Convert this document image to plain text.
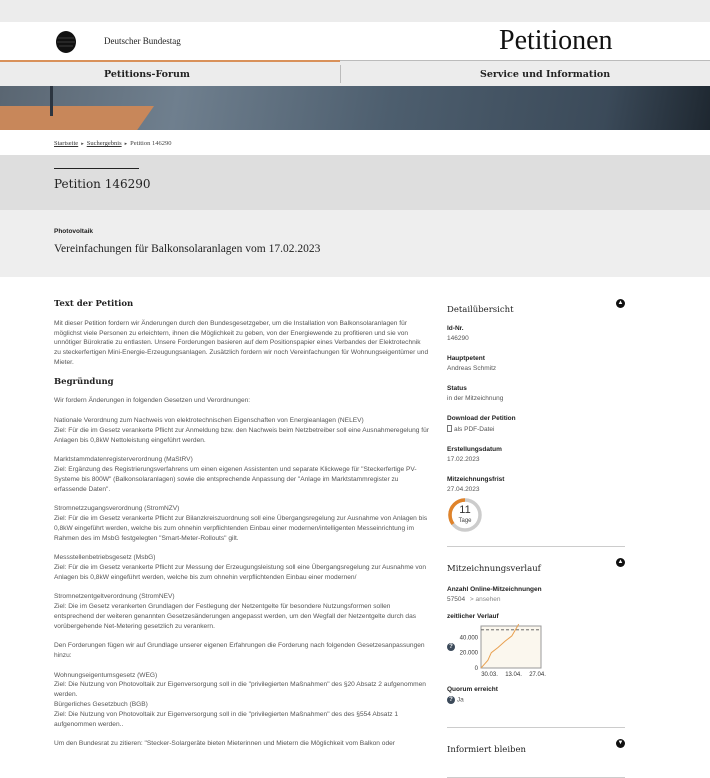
Deutscher Bundestag	Petitionen
Petitions-Forum	Service und Information
Startseite ▸ Suchergebnis ▸ Petition 146290
Petition 146290
Photovoltaik
Vereinfachungen für Balkonsolaranlagen vom 17.02.2023
Text der Petition

Mit dieser Petition fordern wir Änderungen durch den Bundesgesetzgeber, um die Installation von Balkonsolaranlagen für möglichst viele Personen zu erleichtern, ihnen die Möglichkeit zu geben, von der Energiewende zu profitieren und sie von unnötiger Bürokratie zu entlasten. Unsere Forderungen basieren auf dem Positionspapier eines Verbandes der Elektrotechnik zu steckerfertigen Mini-Energie-Erzeugungsanlagen. Zusätzlich fordern wir noch Vereinfachungen für Wohnungseigentümer und Mieter.

Begründung

Wir fordern Änderungen in folgenden Gesetzen und Verordnungen:

Nationale Verordnung zum Nachweis von elektrotechnischen Eigenschaften von Energieanlagen (NELEV)
Ziel: Für die im Gesetz verankerte Pflicht zur Anmeldung bzw. den Nachweis beim Netzbetreiber soll eine Ausnahmeregelung für Anlagen bis 0,8kW Nettoleistung eingeführt werden.

Marktstammdatenregisterverordnung (MaStRV)
Ziel: Ergänzung des Registrierungsverfahrens um einen eigenen Assistenten und separate Klickwege für "Steckerfertige PV-Systeme bis 800W" (Balkonsolaranlagen) sowie die entsprechende Anpassung der "Anlage im Marktstammregister zu erfassende Daten".

Stromnetzzugangsverordnung (StromNZV)
Ziel: Für die im Gesetz verankerte Pflicht zur Bilanzkreiszuordnung soll eine Übergangsregelung zur Ausnahme von Anlagen bis 0,8kW eingeführt werden, welche bis zum ohnehin verpflichtenden Einbau einer modernen/intelligenten Messeinrichtung im Rahmen des im MsbG festgelegten "Smart-Meter-Rollouts" gilt.

Messstellenbetriebsgesetz (MsbG)
Ziel: Für die im Gesetz verankerte Pflicht zur Messung der Erzeugungsleistung soll eine Übergangsregelung zur Ausnahme von Anlagen bis 0,8kW eingeführt werden, welche bis zum ohnehin verpflichtenden Einbau einer modernen/

Stromnetzentgeltverordnung (StromNEV)
Ziel: Die im Gesetz verankerten Grundlagen der Festlegung der Netzentgelte für besondere Nutzungsformen sollen entsprechend der weiteren genannten Gesetzesänderungen angepasst werden, um den Wegfall der Netzentgelte durch das vorübergehende Net-Metering gesetzlich zu verankern.

Den Forderungen fügen wir auf Grundlage unserer eigenen Erfahrungen die Forderung nach folgenden Gesetzesanpassungen hinzu:

Wohnungseigentumsgesetz (WEG)
Ziel: Die Nutzung von Photovoltaik zur Eigenversorgung soll in die "privilegierten Maßnahmen" des §20 Absatz 2 aufgenommen werden.
Bürgerliches Gesetzbuch (BGB)
Ziel: Die Nutzung von Photovoltaik zur Eigenversorgung soll in die "privilegierten Maßnahmen" des des §554 Absatz 1 aufgenommen werden..

Um den Bundesrat zu zitieren: "Stecker-Solargeräte bieten Mieterinnen und Mietern die Möglichkeit vom Balkon oder

Detailübersicht
▲
Id-Nr.
146290
Hauptpetent
Andreas Schmitz
Status
in der Mitzeichnung
Download der Petition
als PDF-Datei
Erstellungsdatum
17.02.2023
Mitzeichnungsfrist
27.04.2023
11
Tage
Mitzeichnungsverlauf
▲
Anzahl Online-Mitzeichnungen
57504 > ansehen
zeitlicher Verlauf
?
0
20.000
40.000
30.03. 13.04. 27.04.
Quorum erreicht
? Ja
Informiert bleiben
▼
